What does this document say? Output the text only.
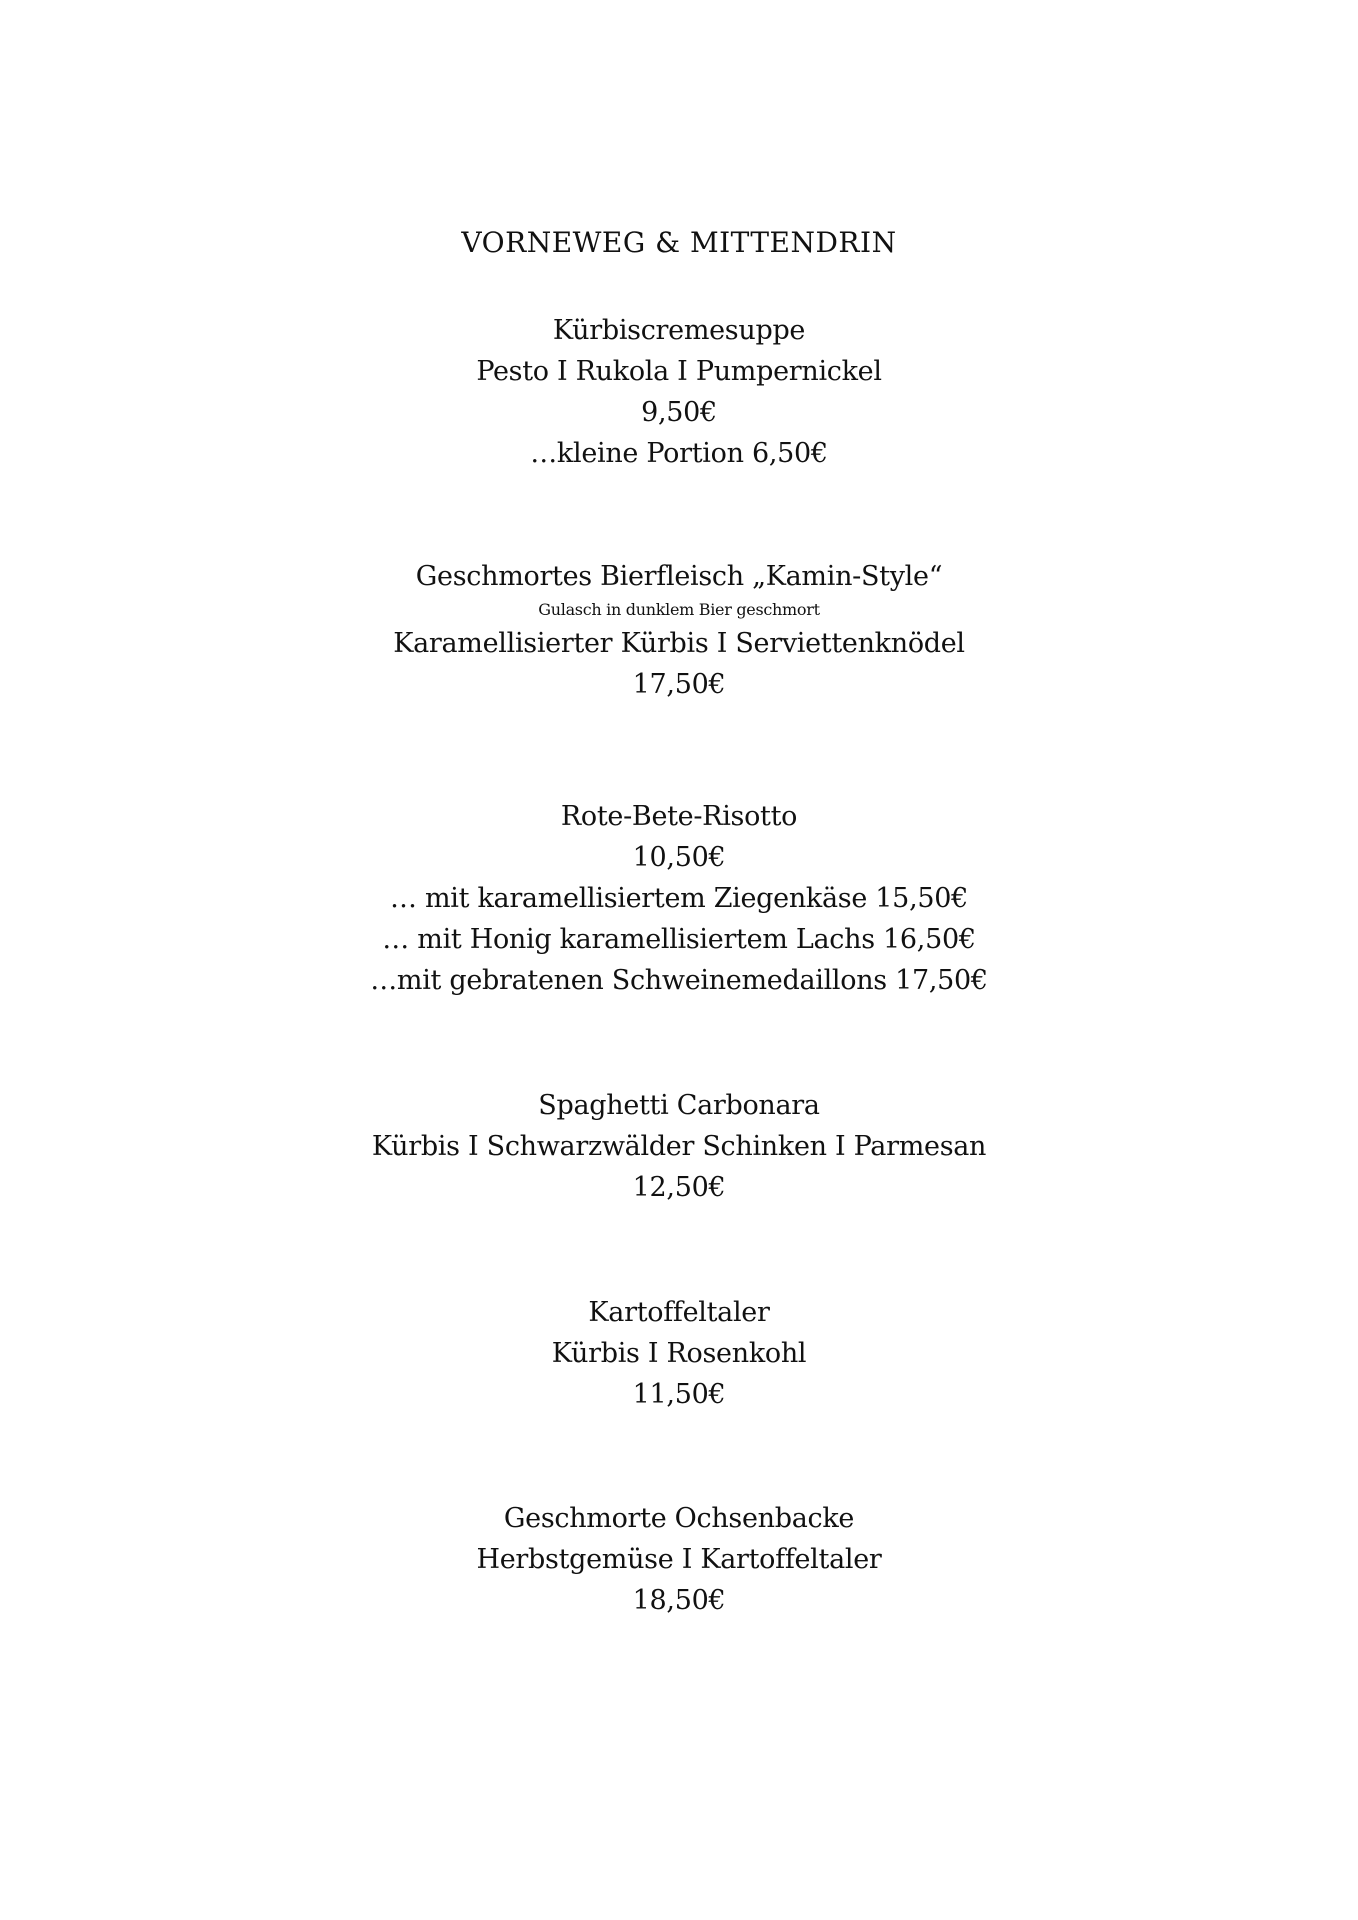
VORNEWEG & MITTENDRIN
Kürbiscremesuppe
Pesto I Rukola I Pumpernickel
9,50€
…kleine Portion 6,50€
Geschmortes Bierfleisch „Kamin-Style“
Gulasch in dunklem Bier geschmort
Karamellisierter Kürbis I Serviettenknödel
17,50€
Rote-Bete-Risotto
10,50€
… mit karamellisiertem Ziegenkäse 15,50€
… mit Honig karamellisiertem Lachs 16,50€
…mit gebratenen Schweinemedaillons 17,50€
Spaghetti Carbonara
Kürbis I Schwarzwälder Schinken I Parmesan
12,50€
Kartoffeltaler
Kürbis I Rosenkohl
11,50€
Geschmorte Ochsenbacke
Herbstgemüse I Kartoffeltaler
18,50€
